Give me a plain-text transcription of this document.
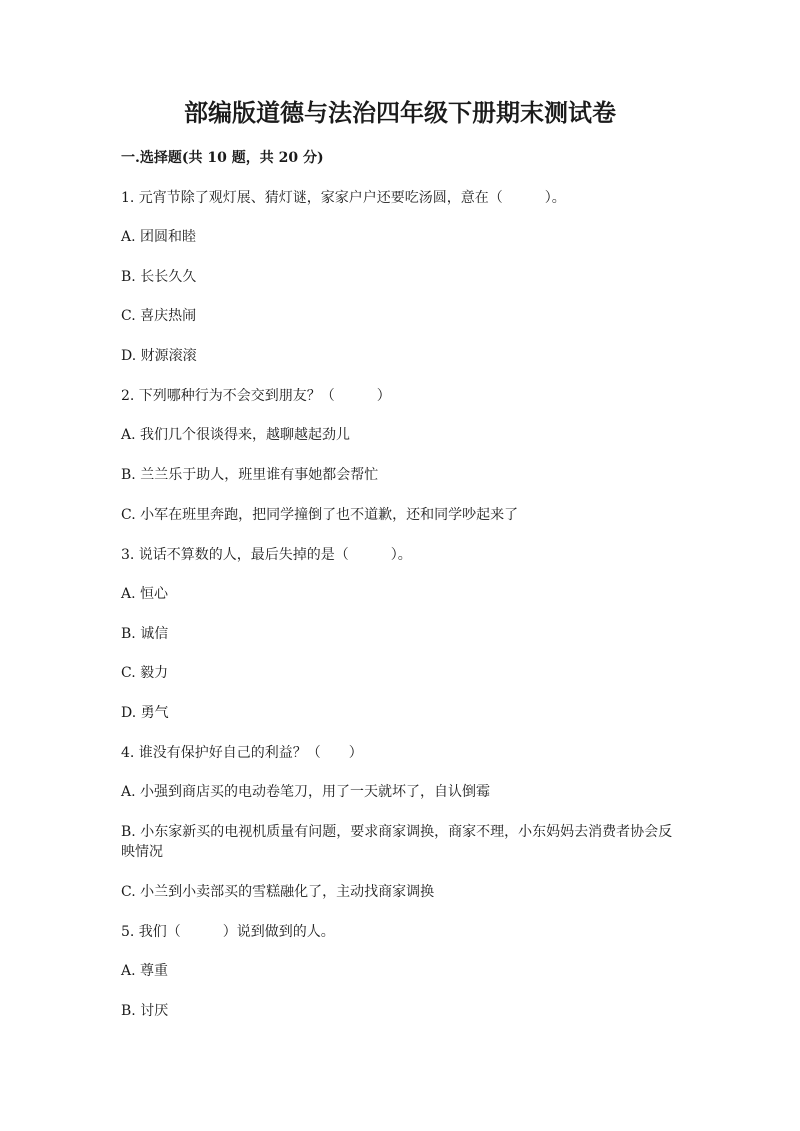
部编版道德与法治四年级下册期末测试卷
一.选择题(共 10 题，共 20 分)
1. 元宵节除了观灯展、猜灯谜，家家户户还要吃汤圆，意在（　　　）。
A. 团圆和睦
B. 长长久久
C. 喜庆热闹
D. 财源滚滚
2. 下列哪种行为不会交到朋友？（　　　）
A. 我们几个很谈得来，越聊越起劲儿
B. 兰兰乐于助人，班里谁有事她都会帮忙
C. 小军在班里奔跑，把同学撞倒了也不道歉，还和同学吵起来了
3. 说话不算数的人，最后失掉的是（　　　）。
A. 恒心
B. 诚信
C. 毅力
D. 勇气
4. 谁没有保护好自己的利益？（　　）
A. 小强到商店买的电动卷笔刀，用了一天就坏了，自认倒霉
B. 小东家新买的电视机质量有问题，要求商家调换，商家不理，小东妈妈去消费者协会反映情况
C. 小兰到小卖部买的雪糕融化了，主动找商家调换
5. 我们（　　　）说到做到的人。
A. 尊重
B. 讨厌
